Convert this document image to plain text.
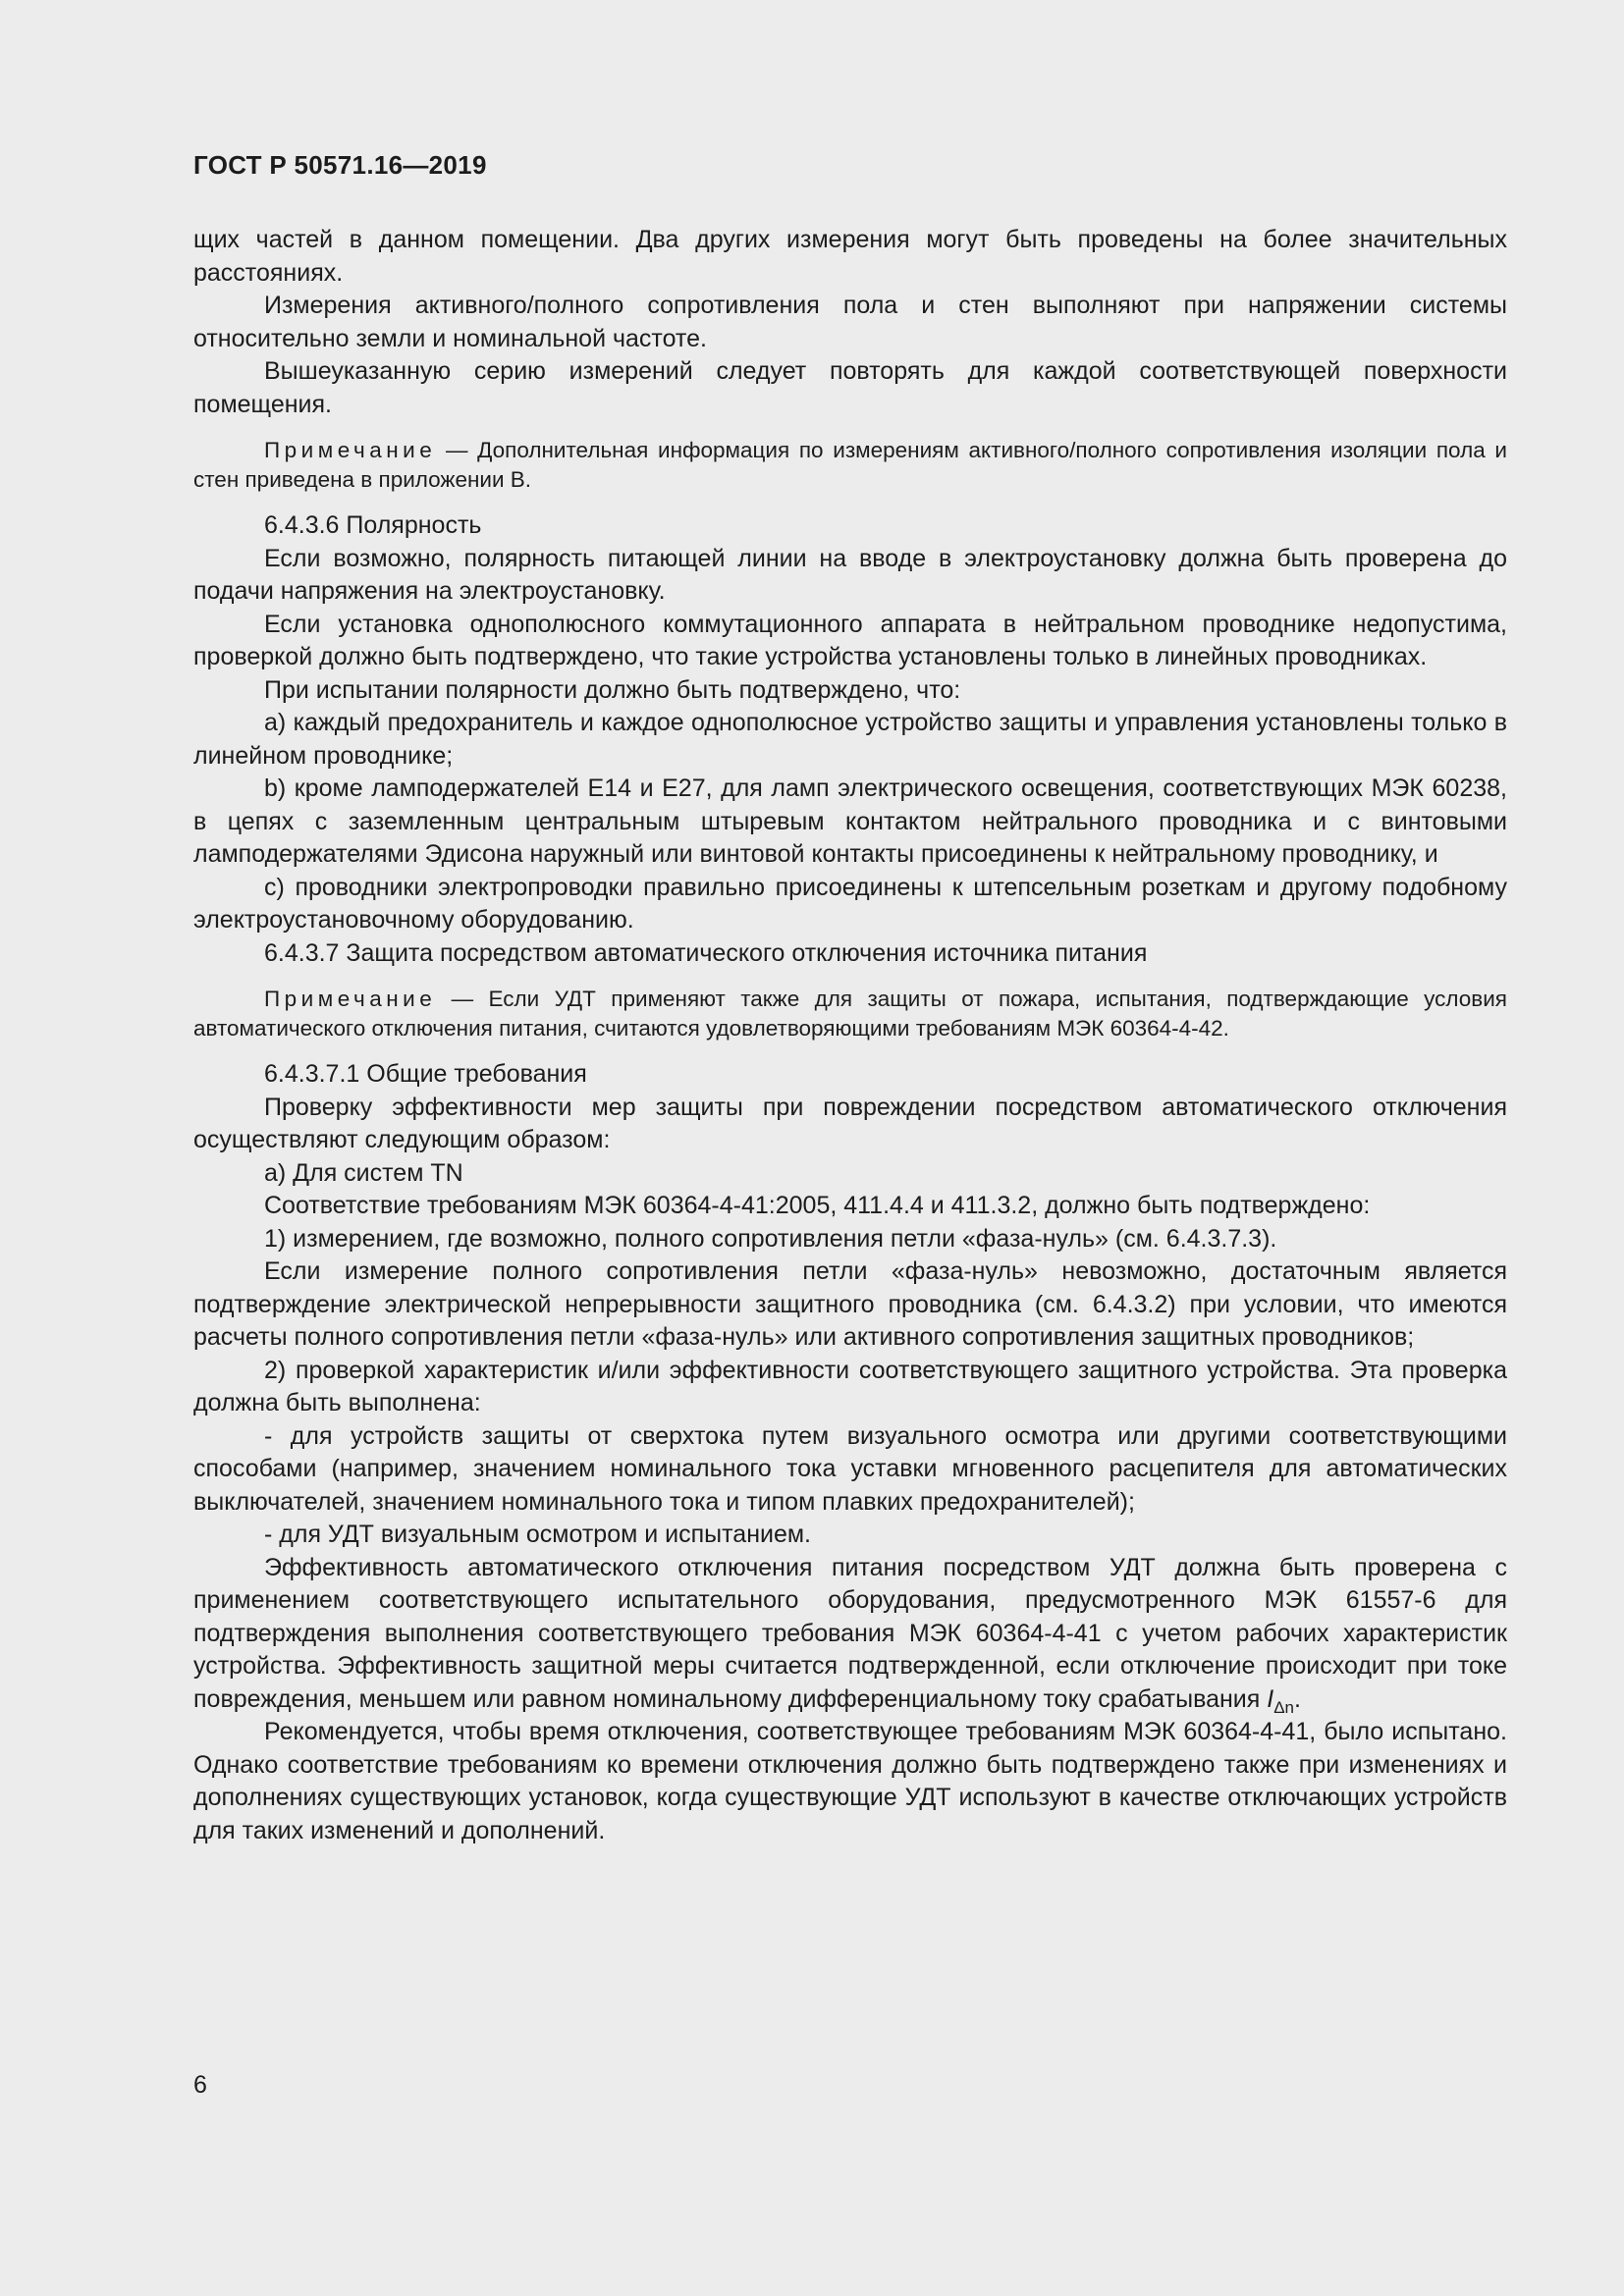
ГОСТ Р 50571.16—2019

щих частей в данном помещении. Два других измерения могут быть проведены на более значительных расстояниях.

Измерения активного/полного сопротивления пола и стен выполняют при напряжении системы относительно земли и номинальной частоте.

Вышеуказанную серию измерений следует повторять для каждой соответствующей поверхности помещения.

Примечание — Дополнительная информация по измерениям активного/полного сопротивления изоляции пола и стен приведена в приложении В.

6.4.3.6 Полярность

Если возможно, полярность питающей линии на вводе в электроустановку должна быть проверена до подачи напряжения на электроустановку.

Если установка однополюсного коммутационного аппарата в нейтральном проводнике недопустима, проверкой должно быть подтверждено, что такие устройства установлены только в линейных проводниках.

При испытании полярности должно быть подтверждено, что:

a) каждый предохранитель и каждое однополюсное устройство защиты и управления установлены только в линейном проводнике;

b) кроме ламподержателей Е14 и Е27, для ламп электрического освещения, соответствующих МЭК 60238, в цепях с заземленным центральным штыревым контактом нейтрального проводника и с винтовыми ламподержателями Эдисона наружный или винтовой контакты присоединены к нейтральному проводнику, и

c) проводники электропроводки правильно присоединены к штепсельным розеткам и другому подобному электроустановочному оборудованию.

6.4.3.7 Защита посредством автоматического отключения источника питания

Примечание — Если УДТ применяют также для защиты от пожара, испытания, подтверждающие условия автоматического отключения питания, считаются удовлетворяющими требованиям МЭК 60364-4-42.

6.4.3.7.1 Общие требования

Проверку эффективности мер защиты при повреждении посредством автоматического отключения осуществляют следующим образом:

a) Для систем TN

Соответствие требованиям МЭК 60364-4-41:2005, 411.4.4 и 411.3.2, должно быть подтверждено:

1) измерением, где возможно, полного сопротивления петли «фаза-нуль» (см. 6.4.3.7.3).

Если измерение полного сопротивления петли «фаза-нуль» невозможно, достаточным является подтверждение электрической непрерывности защитного проводника (см. 6.4.3.2) при условии, что имеются расчеты полного сопротивления петли «фаза-нуль» или активного сопротивления защитных проводников;

2) проверкой характеристик и/или эффективности соответствующего защитного устройства. Эта проверка должна быть выполнена:

- для устройств защиты от сверхтока путем визуального осмотра или другими соответствующими способами (например, значением номинального тока уставки мгновенного расцепителя для автоматических выключателей, значением номинального тока и типом плавких предохранителей);

- для УДТ визуальным осмотром и испытанием.

Эффективность автоматического отключения питания посредством УДТ должна быть проверена с применением соответствующего испытательного оборудования, предусмотренного МЭК 61557-6 для подтверждения выполнения соответствующего требования МЭК 60364-4-41 с учетом рабочих характеристик устройства. Эффективность защитной меры считается подтвержденной, если отключение происходит при токе повреждения, меньшем или равном номинальному дифференциальному току срабатывания $I_{\Delta n}$.

Рекомендуется, чтобы время отключения, соответствующее требованиям МЭК 60364-4-41, было испытано. Однако соответствие требованиям ко времени отключения должно быть подтверждено также при изменениях и дополнениях существующих установок, когда существующие УДТ используют в качестве отключающих устройств для таких изменений и дополнений.

6
